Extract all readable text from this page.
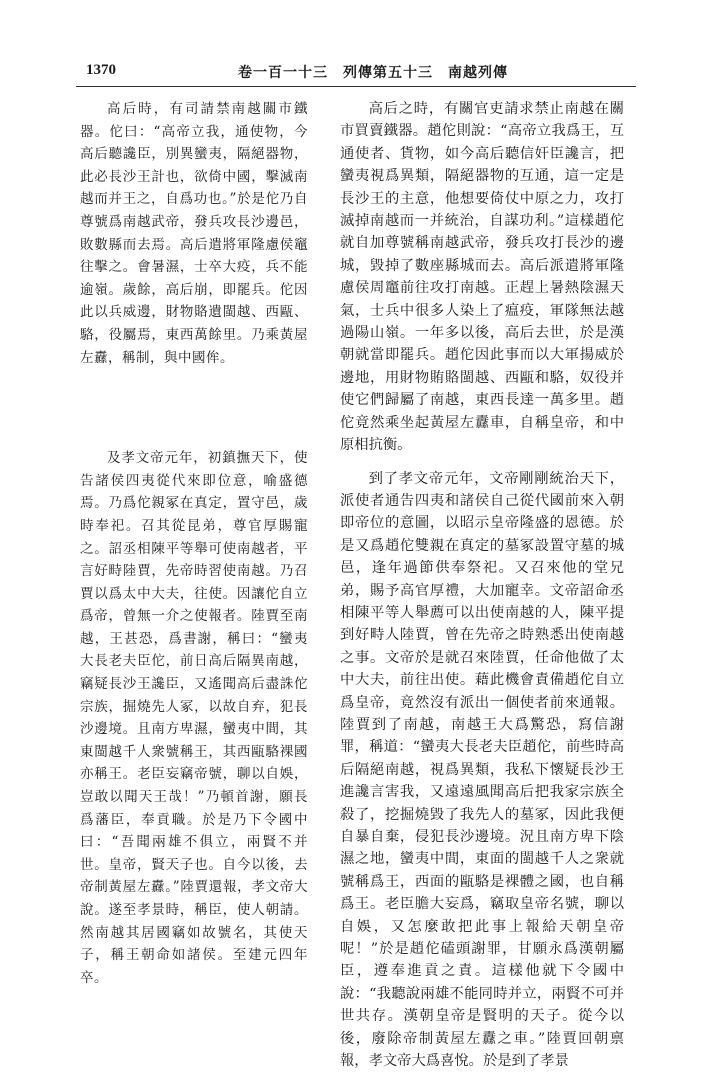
1370	卷一百一十三　列傳第五十三　南越列傳

高后時，有司請禁南越關市鐵器。佗曰：“高帝立我，通使物，今高后聽讒臣，別異蠻夷，隔絕器物，此必長沙王計也，欲倚中國，擊滅南越而并王之，自爲功也。”於是佗乃自尊號爲南越武帝，發兵攻長沙邊邑，敗數縣而去焉。高后遣將軍隆慮侯竈往擊之。會暑濕，士卒大疫，兵不能逾嶺。歲餘，高后崩，即罷兵。佗因此以兵威邊，財物賂遺閩越、西甌、駱，役屬焉，東西萬餘里。乃乘黃屋左纛，稱制，與中國侔。

及孝文帝元年，初鎮撫天下，使告諸侯四夷從代來即位意，喻盛德焉。乃爲佗親冢在真定，置守邑，歲時奉祀。召其從昆弟，尊官厚賜寵之。詔丞相陳平等舉可使南越者，平言好畤陸賈，先帝時習使南越。乃召賈以爲太中大夫，往使。因讓佗自立爲帝，曾無一介之使報者。陸賈至南越，王甚恐，爲書謝，稱曰：“蠻夷大長老夫臣佗，前日高后隔異南越，竊疑長沙王讒臣，又遙聞高后盡誅佗宗族，掘燒先人冢，以故自弃，犯長沙邊境。且南方卑濕，蠻夷中間，其東閩越千人衆號稱王，其西甌駱裸國亦稱王。老臣妄竊帝號，聊以自娛，豈敢以聞天王哉！”乃頓首謝，願長爲藩臣，奉貢職。於是乃下令國中曰：“吾聞兩雄不俱立，兩賢不并世。皇帝，賢天子也。自今以後，去帝制黃屋左纛。”陸賈還報，孝文帝大說。遂至孝景時，稱臣，使人朝請。然南越其居國竊如故號名，其使天子，稱王朝命如諸侯。至建元四年卒。

高后之時，有關官吏請求禁止南越在關市買賣鐵器。趙佗則說：“高帝立我爲王，互通使者、貨物，如今高后聽信奸臣讒言，把蠻夷視爲異類，隔絕器物的互通，這一定是長沙王的主意，他想要倚仗中原之力，攻打滅掉南越而一并統治，自謀功利。”這樣趙佗就自加尊號稱南越武帝，發兵攻打長沙的邊城，毀掉了數座縣城而去。高后派遣將軍隆慮侯周竈前往攻打南越。正趕上暑熱陰濕天氣，士兵中很多人染上了瘟疫，軍隊無法越過陽山嶺。一年多以後，高后去世，於是漢朝就當即罷兵。趙佗因此事而以大軍揚威於邊地，用財物賄賂閩越、西甌和駱，奴役并使它們歸屬了南越，東西長達一萬多里。趙佗竟然乘坐起黃屋左纛車，自稱皇帝，和中原相抗衡。

到了孝文帝元年，文帝剛剛統治天下，派使者通告四夷和諸侯自己從代國前來入朝即帝位的意圖，以昭示皇帝隆盛的恩德。於是又爲趙佗雙親在真定的墓冢設置守墓的城邑，逢年過節供奉祭祀。又召來他的堂兄弟，賜予高官厚禮，大加寵幸。文帝詔命丞相陳平等人舉薦可以出使南越的人，陳平提到好畤人陸賈，曾在先帝之時熟悉出使南越之事。文帝於是就召來陸賈，任命他做了太中大夫，前往出使。藉此機會責備趙佗自立爲皇帝，竟然沒有派出一個使者前來通報。陸賈到了南越，南越王大爲驚恐，寫信謝罪，稱道：“蠻夷大長老夫臣趙佗，前些時高后隔絕南越，視爲異類，我私下懷疑長沙王進讒言害我，又遠遠風聞高后把我家宗族全殺了，挖掘燒毀了我先人的墓冢，因此我便自暴自棄，侵犯長沙邊境。況且南方卑下陰濕之地，蠻夷中間，東面的閩越千人之衆就號稱爲王，西面的甌駱是裸體之國，也自稱爲王。老臣膽大妄爲，竊取皇帝名號，聊以自娛，又怎麼敢把此事上報給天朝皇帝呢！”於是趙佗磕頭謝罪，甘願永爲漢朝屬臣，遵奉進貢之責。這樣他就下令國中說：“我聽說兩雄不能同時并立，兩賢不可并世共存。漢朝皇帝是賢明的天子。從今以後，廢除帝制黃屋左纛之車。”陸賈回朝禀報，孝文帝大爲喜悅。於是到了孝景
